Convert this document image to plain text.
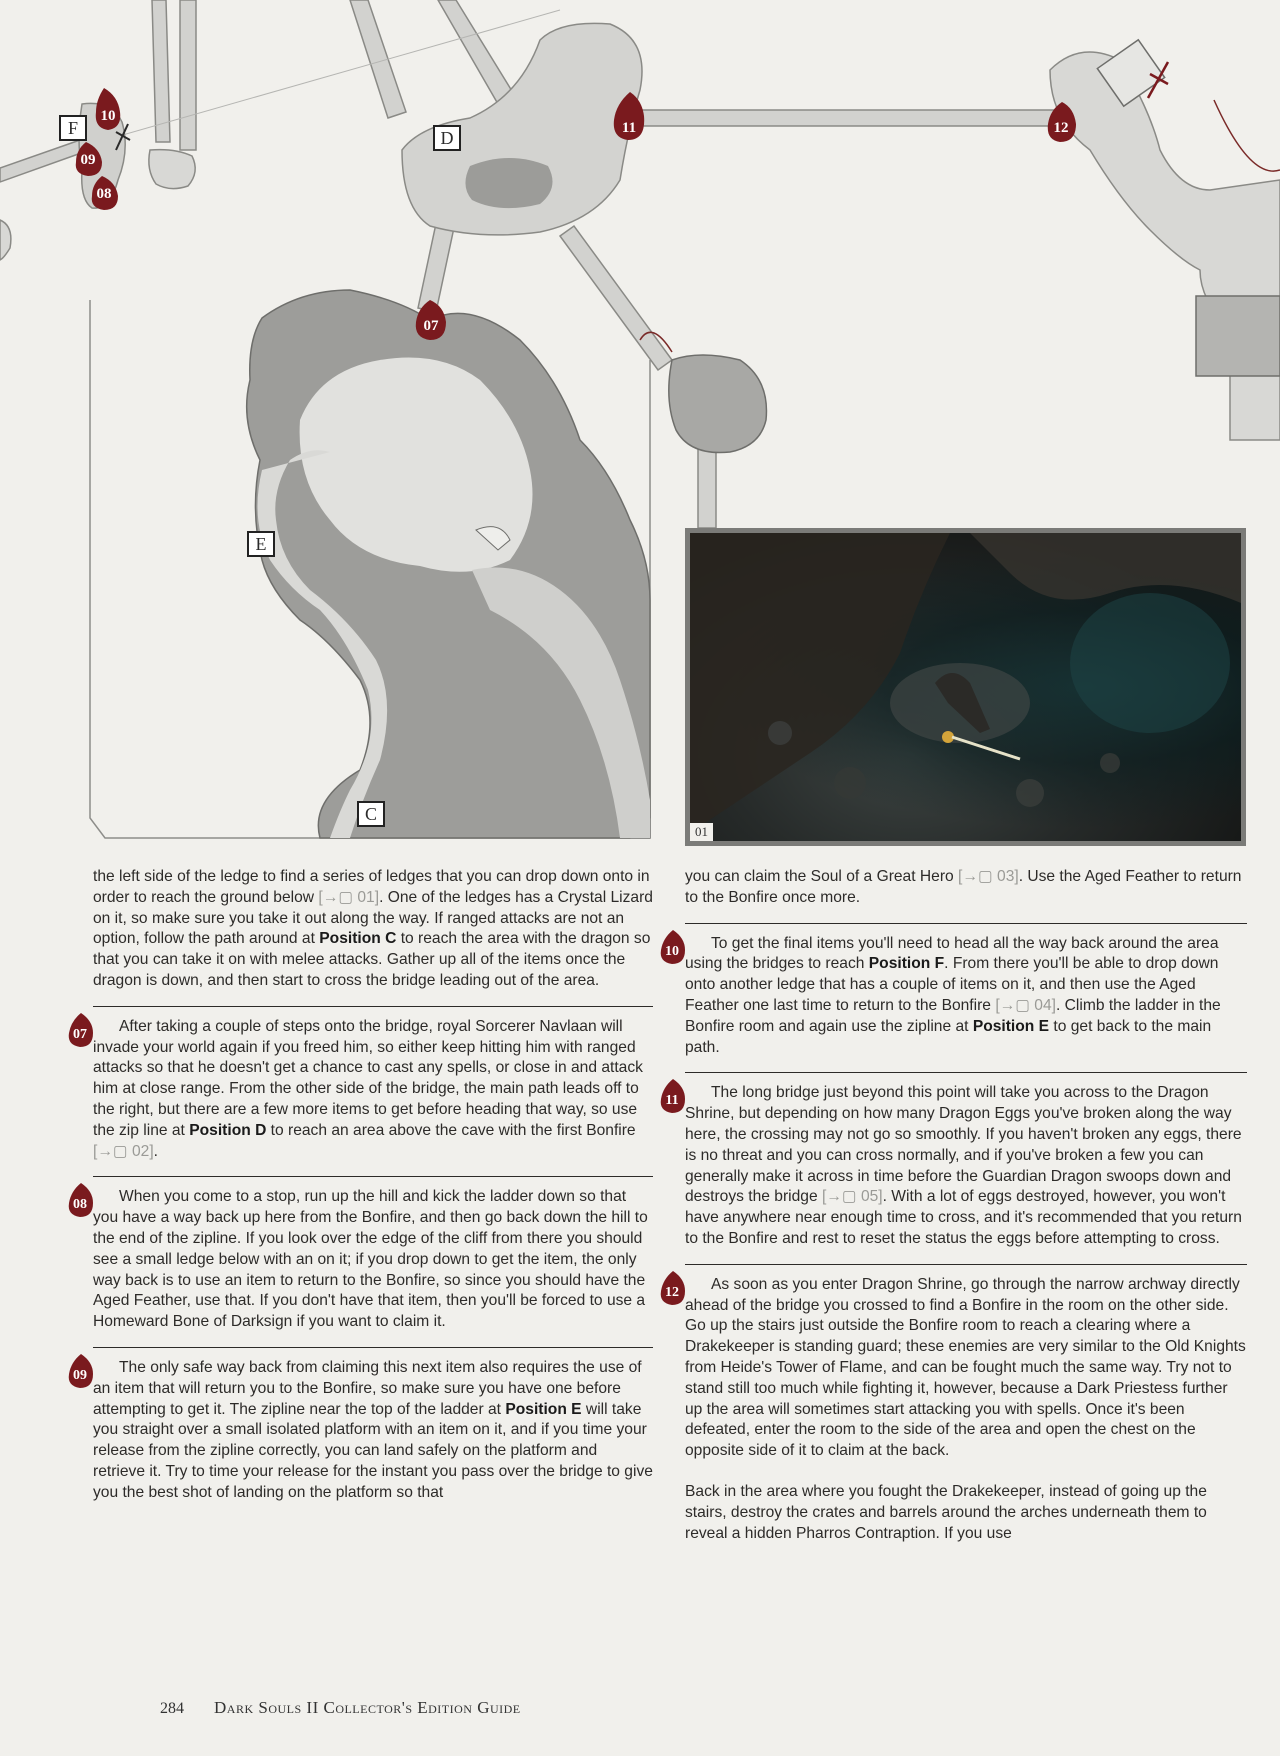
F	D
E
C
10
09
08
11	12
07
01

the left side of the ledge to find a series of ledges that you can drop down onto in order to reach the ground below [→▢ 01]. One of the ledges has a Crystal Lizard on it, so make sure you take it out along the way. If ranged attacks are not an option, follow the path around at Position C to reach the area with the dragon so that you can take it on with melee attacks. Gather up all of the items once the dragon is down, and then start to cross the bridge leading out of the area.

07	After taking a couple of steps onto the bridge, royal Sorcerer Navlaan will invade your world again if you freed him, so either keep hitting him with ranged attacks so that he doesn't get a chance to cast any spells, or close in and attack him at close range. From the other side of the bridge, the main path leads off to the right, but there are a few more items to get before heading that way, so use the zip line at Position D to reach an area above the cave with the first Bonfire [→▢ 02].

08	When you come to a stop, run up the hill and kick the ladder down so that you have a way back up here from the Bonfire, and then go back down the hill to the end of the zipline. If you look over the edge of the cliff from there you should see a small ledge below with an on it; if you drop down to get the item, the only way back is to use an item to return to the Bonfire, so since you should have the Aged Feather, use that. If you don't have that item, then you'll be forced to use a Homeward Bone of Darksign if you want to claim it.

09	The only safe way back from claiming this next item also requires the use of an item that will return you to the Bonfire, so make sure you have one before attempting to get it. The zipline near the top of the ladder at Position E will take you straight over a small isolated platform with an item on it, and if you time your release from the zipline correctly, you can land safely on the platform and retrieve it. Try to time your release for the instant you pass over the bridge to give you the best shot of landing on the platform so that

you can claim the Soul of a Great Hero [→▢ 03]. Use the Aged Feather to return to the Bonfire once more.

10	To get the final items you'll need to head all the way back around the area using the bridges to reach Position F. From there you'll be able to drop down onto another ledge that has a couple of items on it, and then use the Aged Feather one last time to return to the Bonfire [→▢ 04]. Climb the ladder in the Bonfire room and again use the zipline at Position E to get back to the main path.

11	The long bridge just beyond this point will take you across to the Dragon Shrine, but depending on how many Dragon Eggs you've broken along the way here, the crossing may not go so smoothly. If you haven't broken any eggs, there is no threat and you can cross normally, and if you've broken a few you can generally make it across in time before the Guardian Dragon swoops down and destroys the bridge [→▢ 05]. With a lot of eggs destroyed, however, you won't have anywhere near enough time to cross, and it's recommended that you return to the Bonfire and rest to reset the status the eggs before attempting to cross.

12	As soon as you enter Dragon Shrine, go through the narrow archway directly ahead of the bridge you crossed to find a Bonfire in the room on the other side. Go up the stairs just outside the Bonfire room to reach a clearing where a Drakekeeper is standing guard; these enemies are very similar to the Old Knights from Heide's Tower of Flame, and can be fought much the same way. Try not to stand still too much while fighting it, however, because a Dark Priestess further up the area will sometimes start attacking you with spells. Once it's been defeated, enter the room to the side of the area and open the chest on the opposite side of it to claim at the back.

Back in the area where you fought the Drakekeeper, instead of going up the stairs, destroy the crates and barrels around the arches underneath them to reveal a hidden Pharros Contraption. If you use

284 Dark Souls II Collector's Edition Guide
